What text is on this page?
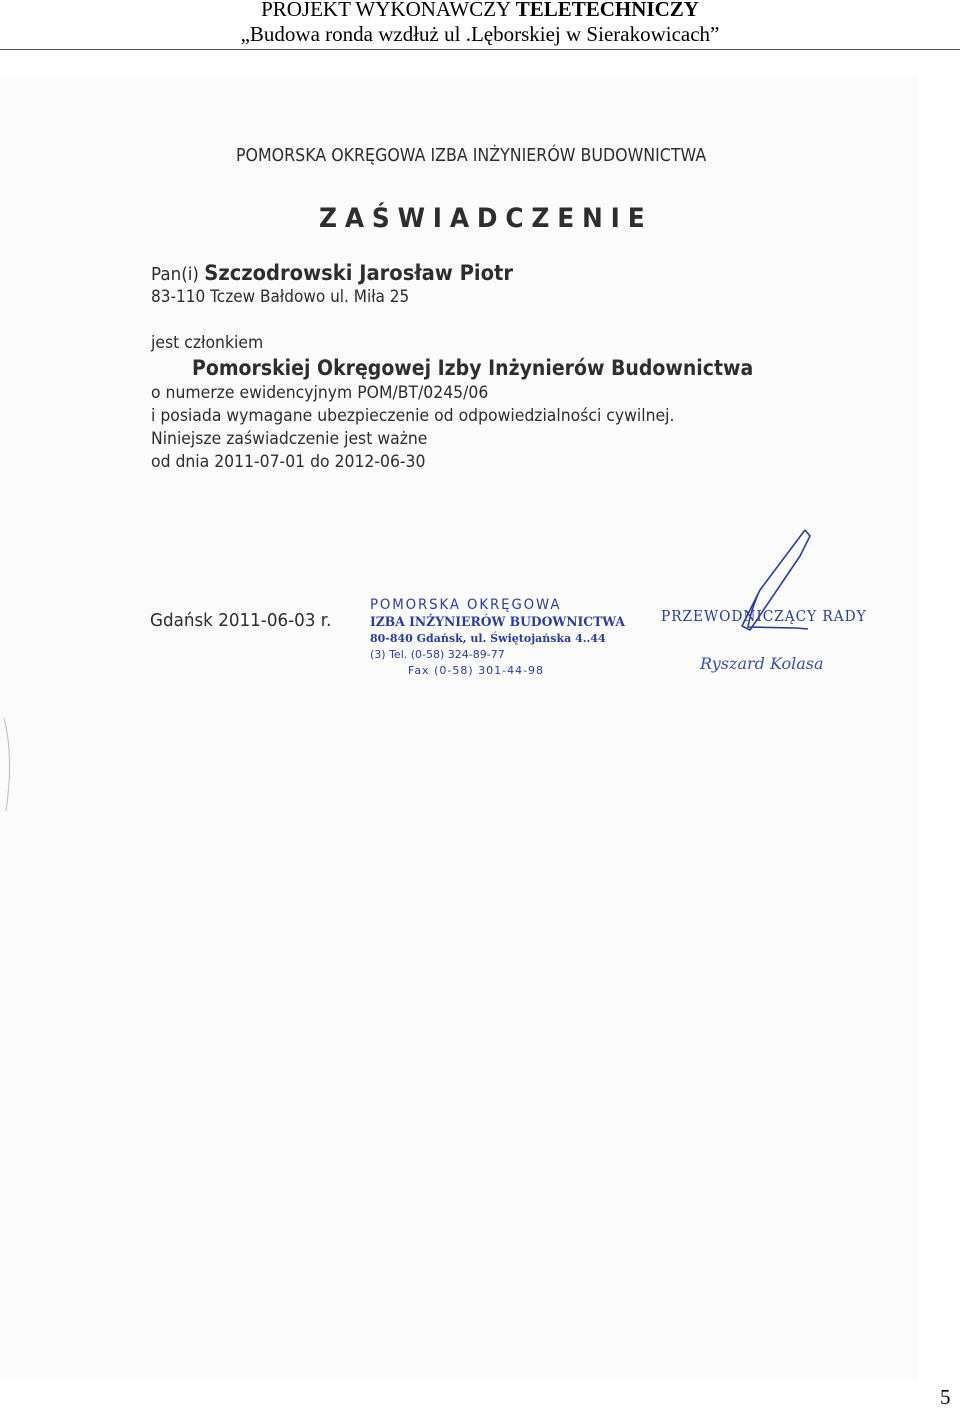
PROJEKT WYKONAWCZY TELETECHNICZY
„Budowa ronda wzdłuż ul .Lęborskiej w Sierakowicach”
POMORSKA OKRĘGOWA IZBA INŻYNIERÓW BUDOWNICTWA
ZAŚWIADCZENIE
Pan(i) Szczodrowski Jarosław Piotr
83-110 Tczew Bałdowo ul. Miła 25
jest członkiem
Pomorskiej Okręgowej Izby Inżynierów Budownictwa
o numerze ewidencyjnym POM/BT/0245/06
i posiada wymagane ubezpieczenie od odpowiedzialności cywilnej.
Niniejsze zaświadczenie jest ważne
od dnia 2011-07-01 do 2012-06-30
Gdańsk 2011-06-03 r.
POMORSKA OKRĘGOWA
IZBA INŻYNIERÓW BUDOWNICTWA
80-840 Gdańsk, ul. Świętojańska 4..44
(3) Tel. (0-58) 324-89-77
Fax (0-58) 301-44-98
PRZEWODNICZĄCY RADY
Ryszard Kolasa
5
